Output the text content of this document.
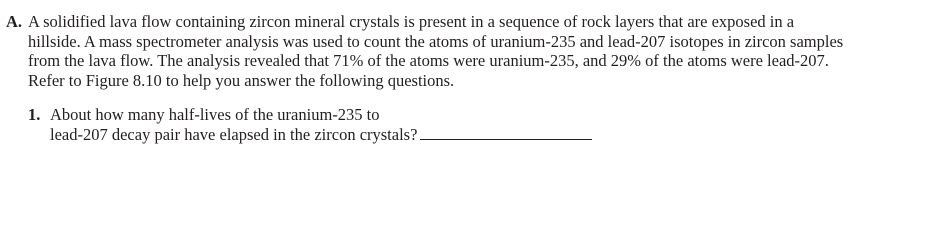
A. A solidified lava flow containing zircon mineral crystals is present in a sequence of rock layers that are exposed in a
hillside. A mass spectrometer analysis was used to count the atoms of uranium-235 and lead-207 isotopes in zircon samples
from the lava flow. The analysis revealed that 71% of the atoms were uranium-235, and 29% of the atoms were lead-207.
Refer to Figure 8.10 to help you answer the following questions.
1. About how many half-lives of the uranium-235 to
lead-207 decay pair have elapsed in the zircon crystals?
